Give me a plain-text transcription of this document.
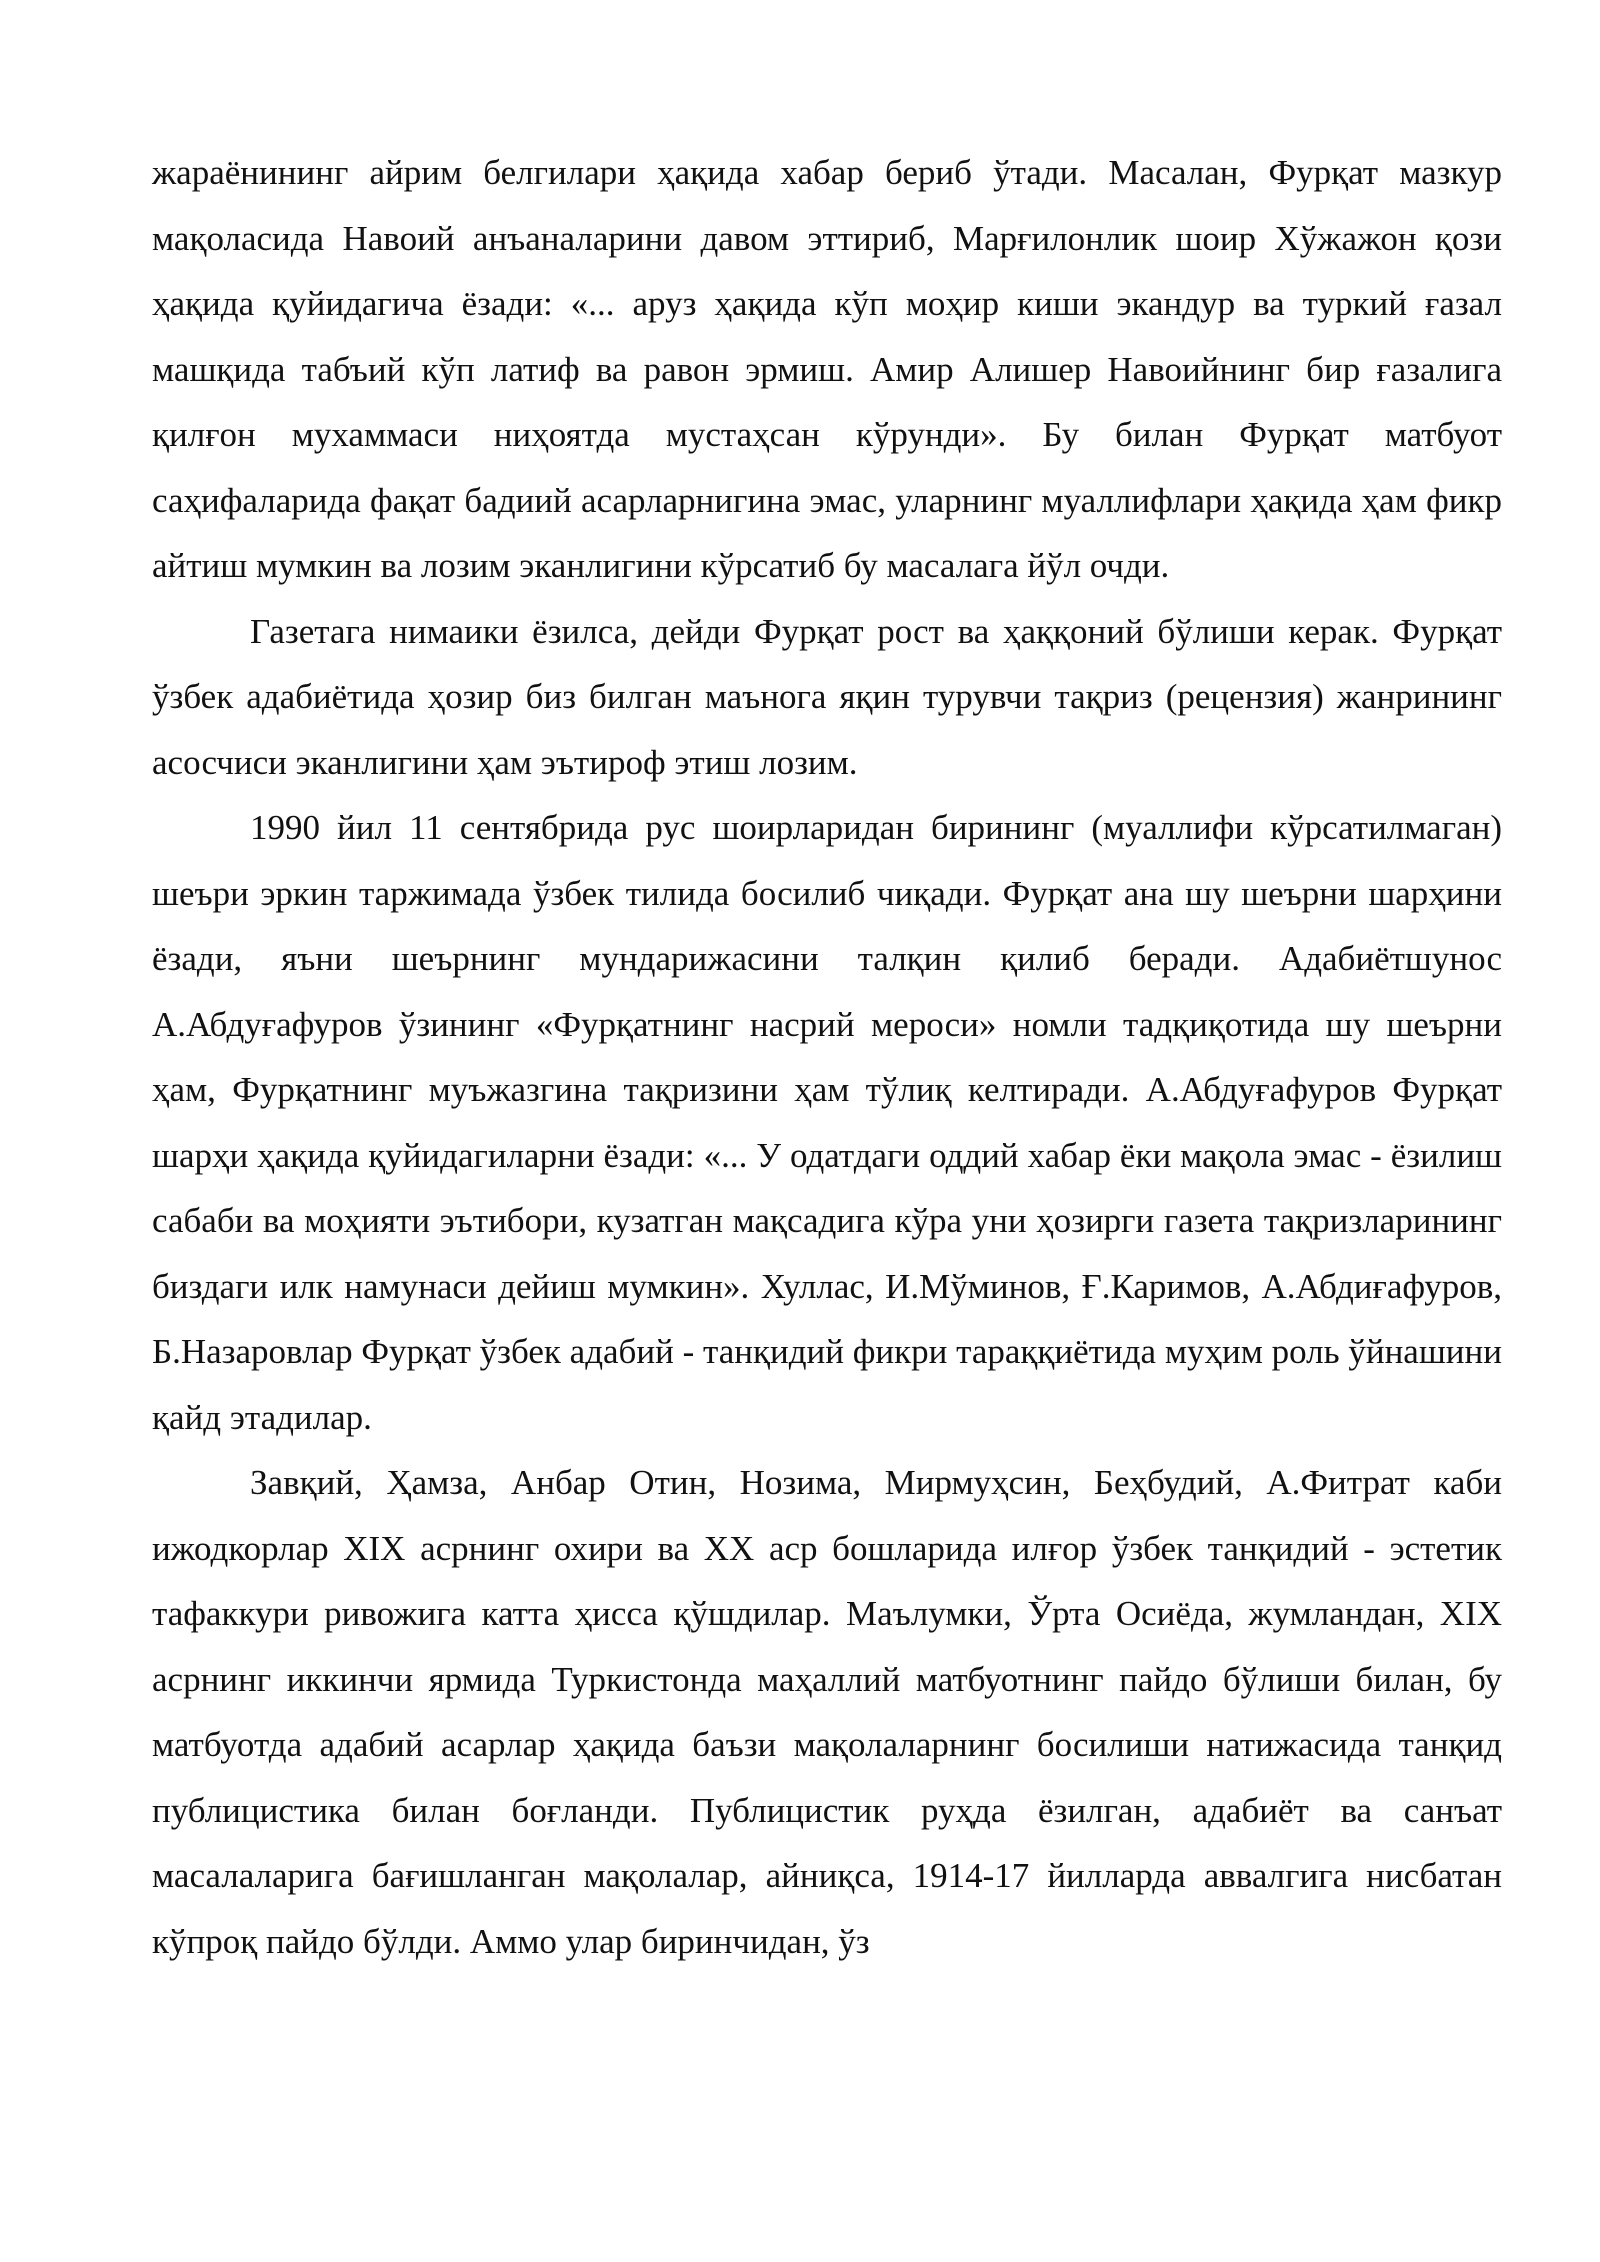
жараёнининг айрим белгилари ҳақида хабар бериб ўтади. Масалан, Фурқат мазкур мақоласида Навоий анъаналарини давом эттириб, Марғилонлик шоир Хўжажон қози ҳақида қуйидагича ёзади: «... аруз ҳақида кўп моҳир киши экандур ва туркий ғазал машқида табъий кўп латиф ва равон эрмиш. Амир Алишер Навоийнинг бир ғазалига қилғон мухаммаси ниҳоятда мустаҳсан кўрунди». Бу билан Фурқат матбуот саҳифаларида фақат бадиий асарларнигина эмас, уларнинг муаллифлари ҳақида ҳам фикр айтиш мумкин ва лозим эканлигини кўрсатиб бу масалага йўл очди.

Газетага нимаики ёзилса, дейди Фурқат рост ва ҳаққоний бўлиши керак. Фурқат ўзбек адабиётида ҳозир биз билган маънога яқин турувчи тақриз (рецензия) жанрининг асосчиси эканлигини ҳам эътироф этиш лозим.

1990 йил 11 сентябрида рус шоирларидан бирининг (муаллифи кўрсатилмаган) шеъри эркин таржимада ўзбек тилида босилиб чиқади. Фурқат ана шу шеърни шарҳини ёзади, яъни шеърнинг мундарижасини талқин қилиб беради. Адабиётшунос А.Абдуғафуров ўзининг «Фурқатнинг насрий мероси» номли тадқиқотида шу шеърни ҳам, Фурқатнинг муъжазгина тақризини ҳам тўлиқ келтиради. А.Абдуғафуров Фурқат шарҳи ҳақида қуйидагиларни ёзади: «... У одатдаги оддий хабар ёки мақола эмас - ёзилиш сабаби ва моҳияти эътибори, кузатган мақсадига кўра уни ҳозирги газета тақризларининг биздаги илк намунаси дейиш мумкин». Хуллас, И.Мўминов, Ғ.Каримов, А.Абдиғафуров, Б.Назаровлар Фурқат ўзбек адабий - танқидий фикри тараққиётида муҳим роль ўйнашини қайд этадилар.

Завқий, Ҳамза, Анбар Отин, Нозима, Мирмуҳсин, Беҳбудий, А.Фитрат каби ижодкорлар XIX асрнинг охири ва XX аср бошларида илғор ўзбек танқидий - эстетик тафаккури ривожига катта ҳисса қўшдилар. Маълумки, Ўрта Осиёда, жумландан, XIX асрнинг иккинчи ярмида Туркистонда маҳаллий матбуотнинг пайдо бўлиши билан, бу матбуотда адабий асарлар ҳақида баъзи мақолаларнинг босилиши натижасида танқид публицистика билан боғланди. Публицистик руҳда ёзилган, адабиёт ва санъат масалаларига бағишланган мақолалар, айниқса, 1914-17 йилларда аввалгига нисбатан кўпроқ пайдо бўлди. Аммо улар биринчидан, ўз
